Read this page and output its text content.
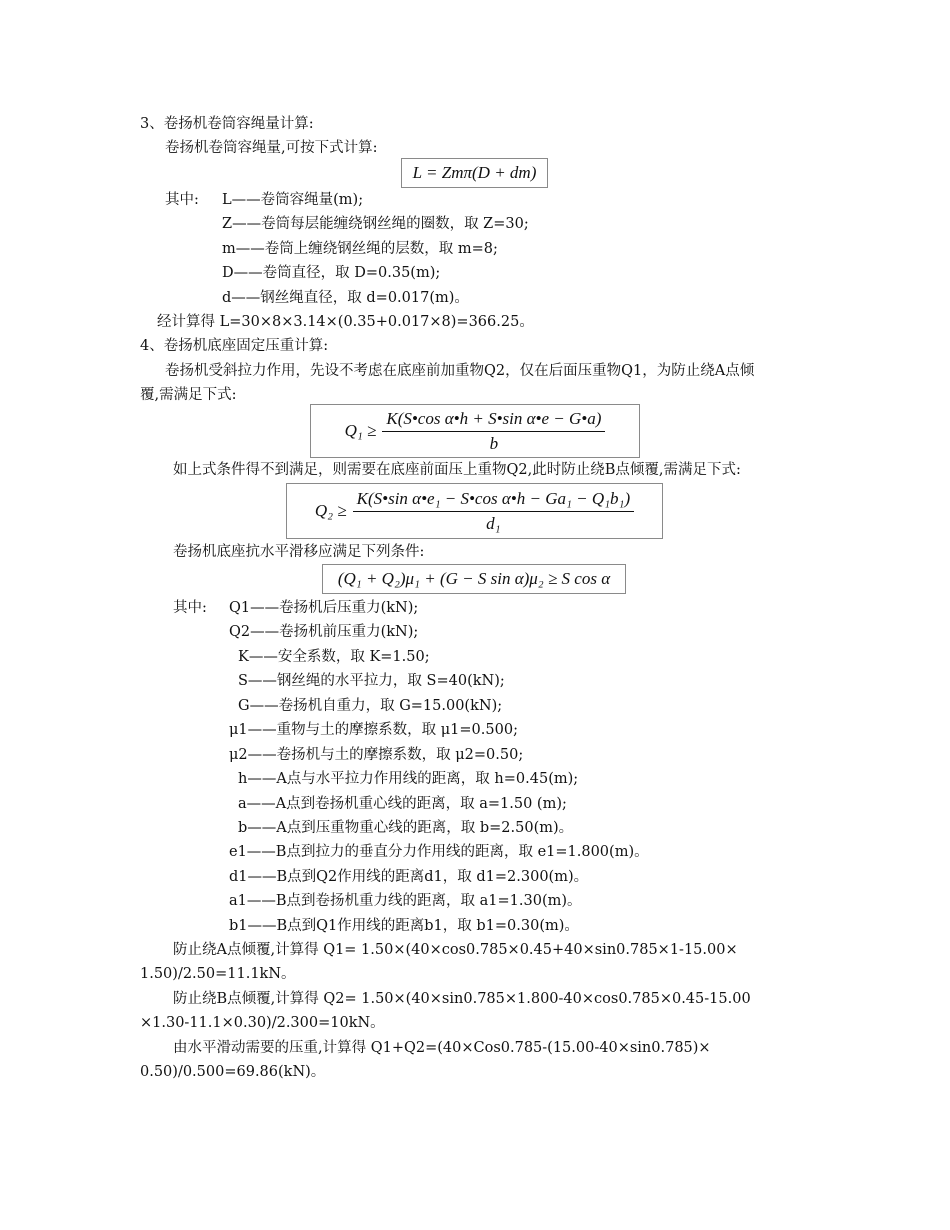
3、卷扬机卷筒容绳量计算:
卷扬机卷筒容绳量,可按下式计算:
L = Zmπ(D + dm)
其中: L——卷筒容绳量(m);
Z——卷筒每层能缠绕钢丝绳的圈数，取 Z=30;
m——卷筒上缠绕钢丝绳的层数，取 m=8;
D——卷筒直径，取 D=0.35(m);
d——钢丝绳直径，取 d=0.017(m)。
经计算得 L=30×8×3.14×(0.35+0.017×8)=366.25。
4、卷扬机底座固定压重计算:
卷扬机受斜拉力作用，先设不考虑在底座前加重物Q2，仅在后面压重物Q1，为防止绕A点倾
覆,需满足下式:
$Q_1 \ge \frac{\text{K(S•cos α•h + S•sin α•e − G•a)}}{b}$
如上式条件得不到满足，则需要在底座前面压上重物Q2,此时防止绕B点倾覆,需满足下式:
$Q_2 \ge \frac{\text{K(S•sin α•e₁ − S•cos α•h − Ga₁ − Q₁b₁)}}{\text{d₁}}$
卷扬机底座抗水平滑移应满足下列条件:
(Q₁ + Q₂)μ₁ + (G − S sin α)μ₂ ≥ S cos α
其中: Q1——卷扬机后压重力(kN);
Q2——卷扬机前压重力(kN);
K——安全系数，取 K=1.50;
S——钢丝绳的水平拉力，取 S=40(kN);
G——卷扬机自重力，取 G=15.00(kN);
μ1——重物与土的摩擦系数，取 μ1=0.500;
μ2——卷扬机与土的摩擦系数，取 μ2=0.50;
h——A点与水平拉力作用线的距离，取 h=0.45(m);
a——A点到卷扬机重心线的距离，取 a=1.50 (m);
b——A点到压重物重心线的距离，取 b=2.50(m)。
e1——B点到拉力的垂直分力作用线的距离，取 e1=1.800(m)。
d1——B点到Q2作用线的距离d1，取 d1=2.300(m)。
a1——B点到卷扬机重力线的距离，取 a1=1.30(m)。
b1——B点到Q1作用线的距离b1，取 b1=0.30(m)。
防止绕A点倾覆,计算得 Q1= 1.50×(40×cos0.785×0.45+40×sin0.785×1-15.00×
1.50)/2.50=11.1kN。
防止绕B点倾覆,计算得 Q2= 1.50×(40×sin0.785×1.800-40×cos0.785×0.45-15.00
×1.30-11.1×0.30)/2.300=10kN。
由水平滑动需要的压重,计算得 Q1+Q2=(40×Cos0.785-(15.00-40×sin0.785)×
0.50)/0.500=69.86(kN)。
